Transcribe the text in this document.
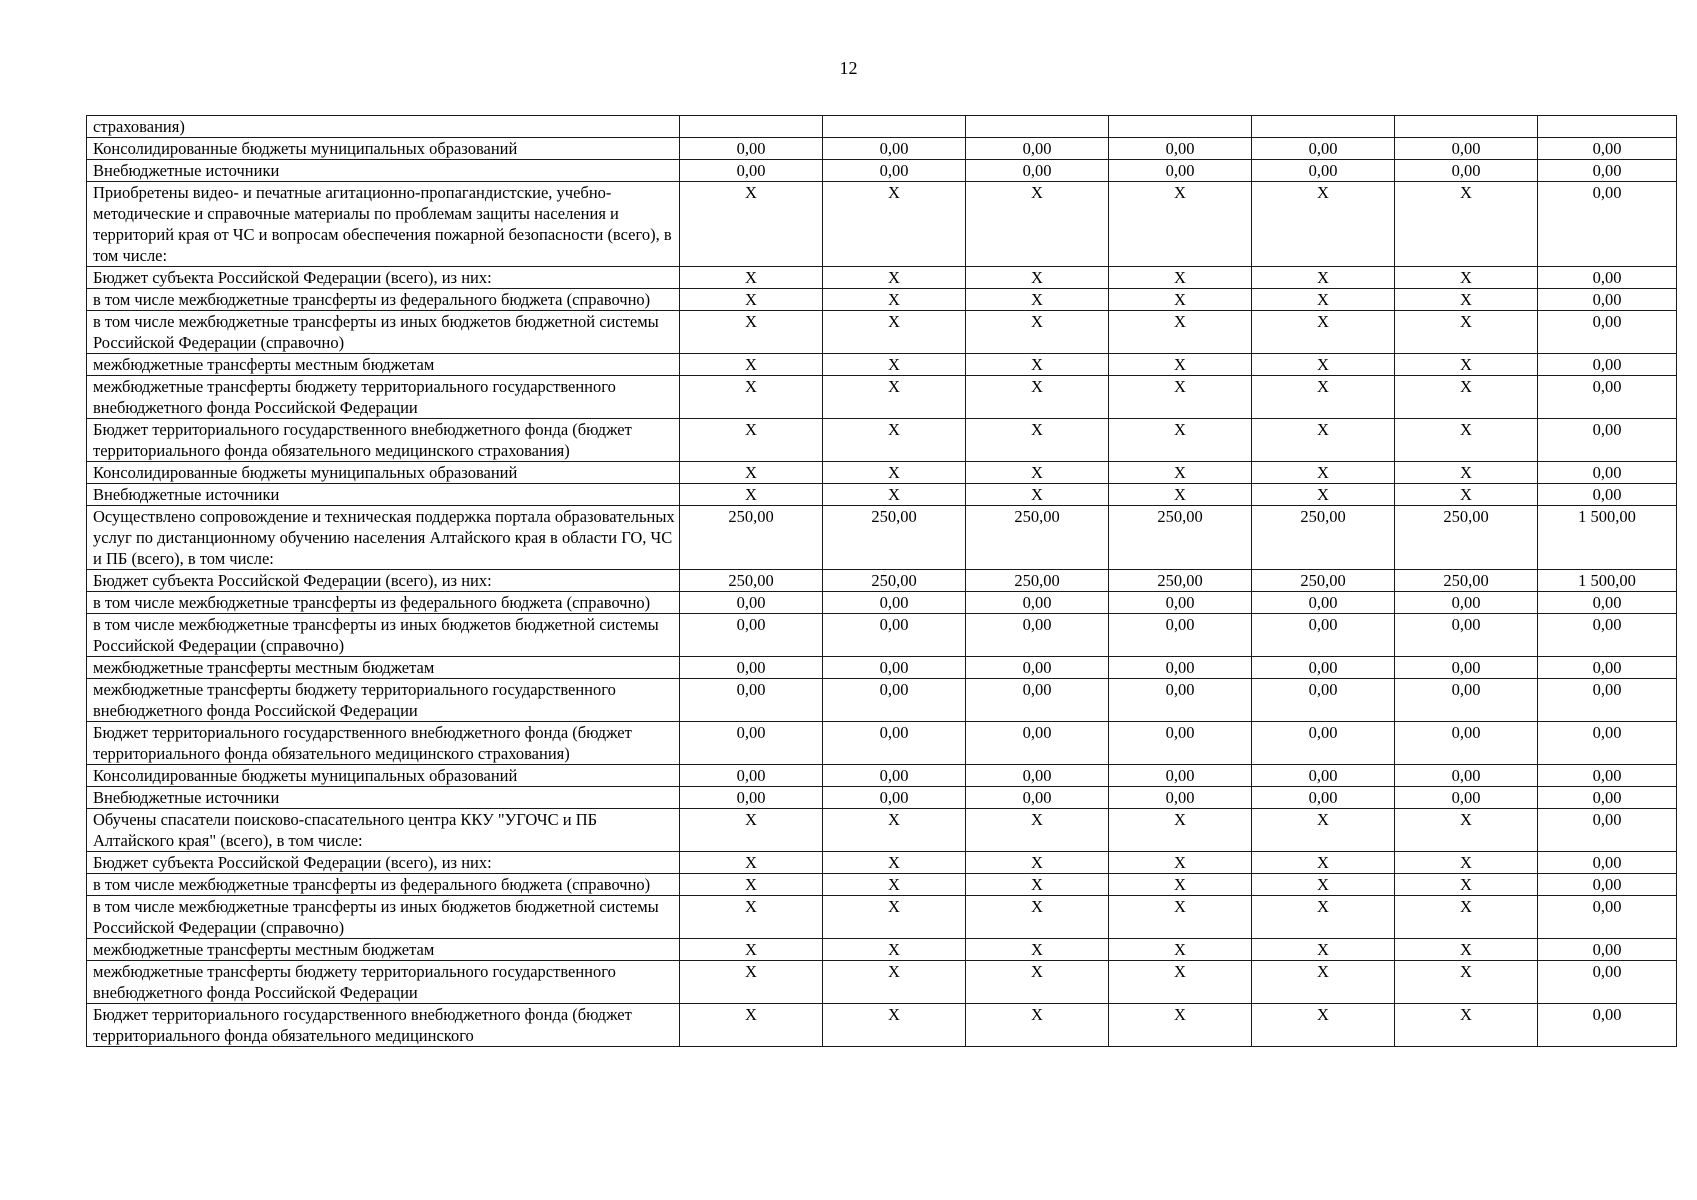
12
страхования)							
Консолидированные бюджеты муниципальных образований	0,00	0,00	0,00	0,00	0,00	0,00	0,00
Внебюджетные источники	0,00	0,00	0,00	0,00	0,00	0,00	0,00
Приобретены видео- и печатные агитационно-пропагандистские, учебно-методические и справочные материалы по проблемам защиты населения и территорий края от ЧС и вопросам обеспечения пожарной безопасности (всего), в том числе:	X	X	X	X	X	X	0,00
Бюджет субъекта Российской Федерации (всего), из них:	X	X	X	X	X	X	0,00
в том числе межбюджетные трансферты из федерального бюджета (справочно)	X	X	X	X	X	X	0,00
в том числе межбюджетные трансферты из иных бюджетов бюджетной системы Российской Федерации (справочно)	X	X	X	X	X	X	0,00
межбюджетные трансферты местным бюджетам	X	X	X	X	X	X	0,00
межбюджетные трансферты бюджету территориального государственного внебюджетного фонда Российской Федерации	X	X	X	X	X	X	0,00
Бюджет территориального государственного внебюджетного фонда (бюджет территориального фонда обязательного медицинского страхования)	X	X	X	X	X	X	0,00
Консолидированные бюджеты муниципальных образований	X	X	X	X	X	X	0,00
Внебюджетные источники	X	X	X	X	X	X	0,00
Осуществлено сопровождение и техническая поддержка портала образовательных услуг по дистанционному обучению населения Алтайского края в области ГО, ЧС и ПБ (всего), в том числе:	250,00	250,00	250,00	250,00	250,00	250,00	1 500,00
Бюджет субъекта Российской Федерации (всего), из них:	250,00	250,00	250,00	250,00	250,00	250,00	1 500,00
в том числе межбюджетные трансферты из федерального бюджета (справочно)	0,00	0,00	0,00	0,00	0,00	0,00	0,00
в том числе межбюджетные трансферты из иных бюджетов бюджетной системы Российской Федерации (справочно)	0,00	0,00	0,00	0,00	0,00	0,00	0,00
межбюджетные трансферты местным бюджетам	0,00	0,00	0,00	0,00	0,00	0,00	0,00
межбюджетные трансферты бюджету территориального государственного внебюджетного фонда Российской Федерации	0,00	0,00	0,00	0,00	0,00	0,00	0,00
Бюджет территориального государственного внебюджетного фонда (бюджет территориального фонда обязательного медицинского страхования)	0,00	0,00	0,00	0,00	0,00	0,00	0,00
Консолидированные бюджеты муниципальных образований	0,00	0,00	0,00	0,00	0,00	0,00	0,00
Внебюджетные источники	0,00	0,00	0,00	0,00	0,00	0,00	0,00
Обучены спасатели поисково-спасательного центра ККУ "УГОЧС и ПБ Алтайского края" (всего), в том числе:	X	X	X	X	X	X	0,00
Бюджет субъекта Российской Федерации (всего), из них:	X	X	X	X	X	X	0,00
в том числе межбюджетные трансферты из федерального бюджета (справочно)	X	X	X	X	X	X	0,00
в том числе межбюджетные трансферты из иных бюджетов бюджетной системы Российской Федерации (справочно)	X	X	X	X	X	X	0,00
межбюджетные трансферты местным бюджетам	X	X	X	X	X	X	0,00
межбюджетные трансферты бюджету территориального государственного внебюджетного фонда Российской Федерации	X	X	X	X	X	X	0,00
Бюджет территориального государственного внебюджетного фонда (бюджет территориального фонда обязательного медицинского	X	X	X	X	X	X	0,00
